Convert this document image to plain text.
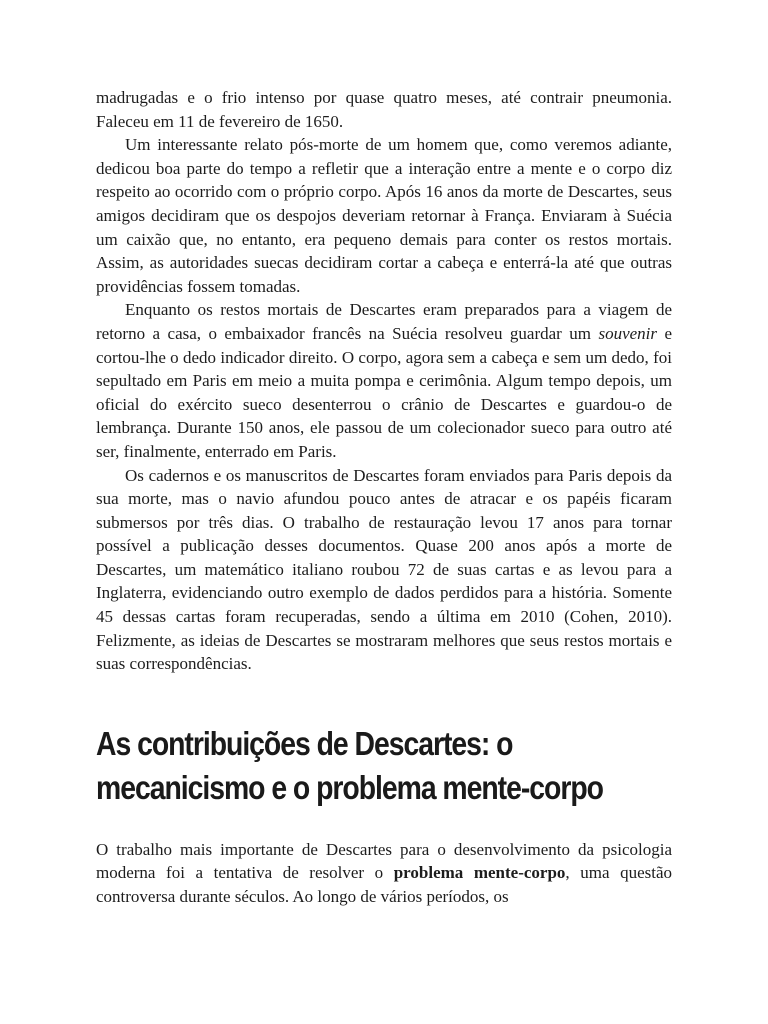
madrugadas e o frio intenso por quase quatro meses, até contrair pneumonia. Faleceu em 11 de fevereiro de 1650.

Um interessante relato pós-morte de um homem que, como veremos adiante, dedicou boa parte do tempo a refletir que a interação entre a mente e o corpo diz respeito ao ocorrido com o próprio corpo. Após 16 anos da morte de Descartes, seus amigos decidiram que os despojos deveriam retornar à França. Enviaram à Suécia um caixão que, no entanto, era pequeno demais para conter os restos mortais. Assim, as autoridades suecas decidiram cortar a cabeça e enterrá-la até que outras providências fossem tomadas.

Enquanto os restos mortais de Descartes eram preparados para a viagem de retorno a casa, o embaixador francês na Suécia resolveu guardar um souvenir e cortou-lhe o dedo indicador direito. O corpo, agora sem a cabeça e sem um dedo, foi sepultado em Paris em meio a muita pompa e cerimônia. Algum tempo depois, um oficial do exército sueco desenterrou o crânio de Descartes e guardou-o de lembrança. Durante 150 anos, ele passou de um colecionador sueco para outro até ser, finalmente, enterrado em Paris.

Os cadernos e os manuscritos de Descartes foram enviados para Paris depois da sua morte, mas o navio afundou pouco antes de atracar e os papéis ficaram submersos por três dias. O trabalho de restauração levou 17 anos para tornar possível a publicação desses documentos. Quase 200 anos após a morte de Descartes, um matemático italiano roubou 72 de suas cartas e as levou para a Inglaterra, evidenciando outro exemplo de dados perdidos para a história. Somente 45 dessas cartas foram recuperadas, sendo a última em 2010 (Cohen, 2010). Felizmente, as ideias de Descartes se mostraram melhores que seus restos mortais e suas correspondências.

As contribuições de Descartes: o
mecanicismo e o problema mente-corpo

O trabalho mais importante de Descartes para o desenvolvimento da psicologia moderna foi a tentativa de resolver o problema mente-corpo, uma questão controversa durante séculos. Ao longo de vários períodos, os
